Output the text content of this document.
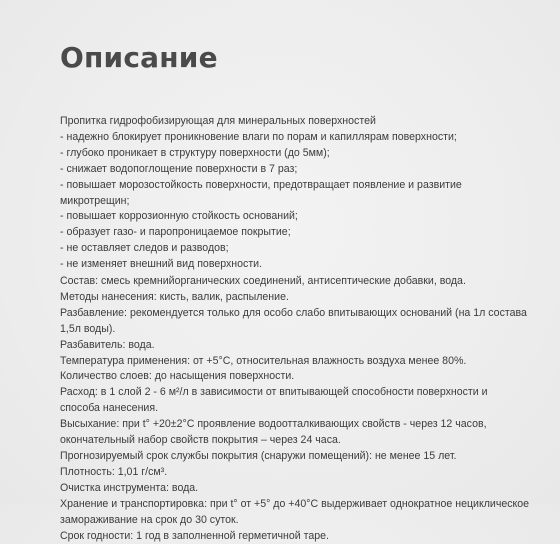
Описание
Пропитка гидрофобизирующая для минеральных поверхностей
- надежно блокирует проникновение влаги по порам и капиллярам поверхности;
- глубоко проникает в структуру поверхности (до 5мм);
- снижает водопоглощение поверхности в 7 раз;
- повышает морозостойкость поверхности, предотвращает появление и развитие микротрещин;
- повышает коррозионную стойкость оснований;
- образует газо- и паропроницаемое покрытие;
- не оставляет следов и разводов;
- не изменяет внешний вид поверхности.
Состав: смесь кремнийорганических соединений, антисептические добавки, вода.
Методы нанесения: кисть, валик, распыление.
Разбавление: рекомендуется только для особо слабо впитывающих оснований (на 1л состава 1,5л воды).
Разбавитель: вода.
Температура применения: от +5°С, относительная влажность воздуха менее 80%.
Количество слоев: до насыщения поверхности.
Расход: в 1 слой 2 - 6 м²/л в зависимости от впитывающей способности поверхности и способа нанесения.
Высыхание: при t° +20±2°С проявление водоотталкивающих свойств - через 12 часов, окончательный набор свойств покрытия – через 24 часа.
Прогнозируемый срок службы покрытия (снаружи помещений): не менее 15 лет.
Плотность: 1,01 г/см³.
Очистка инструмента: вода.
Хранение и транспортировка: при t° от +5° до +40°С выдерживает однократное нециклическое замораживание на срок до 30 суток.
Срок годности: 1 год в заполненной герметичной таре.
